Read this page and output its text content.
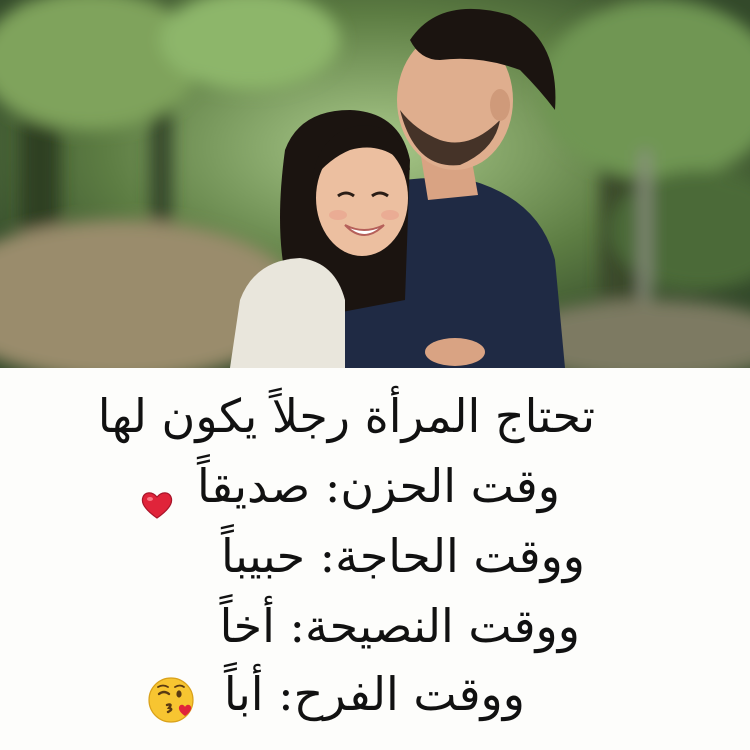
تحتاج المرأة رجلاً يكون لها
وقت الحزن: صديقاً
ووقت الحاجة: حبيباً
ووقت النصيحة: أخاً
ووقت الفرح: أباً
